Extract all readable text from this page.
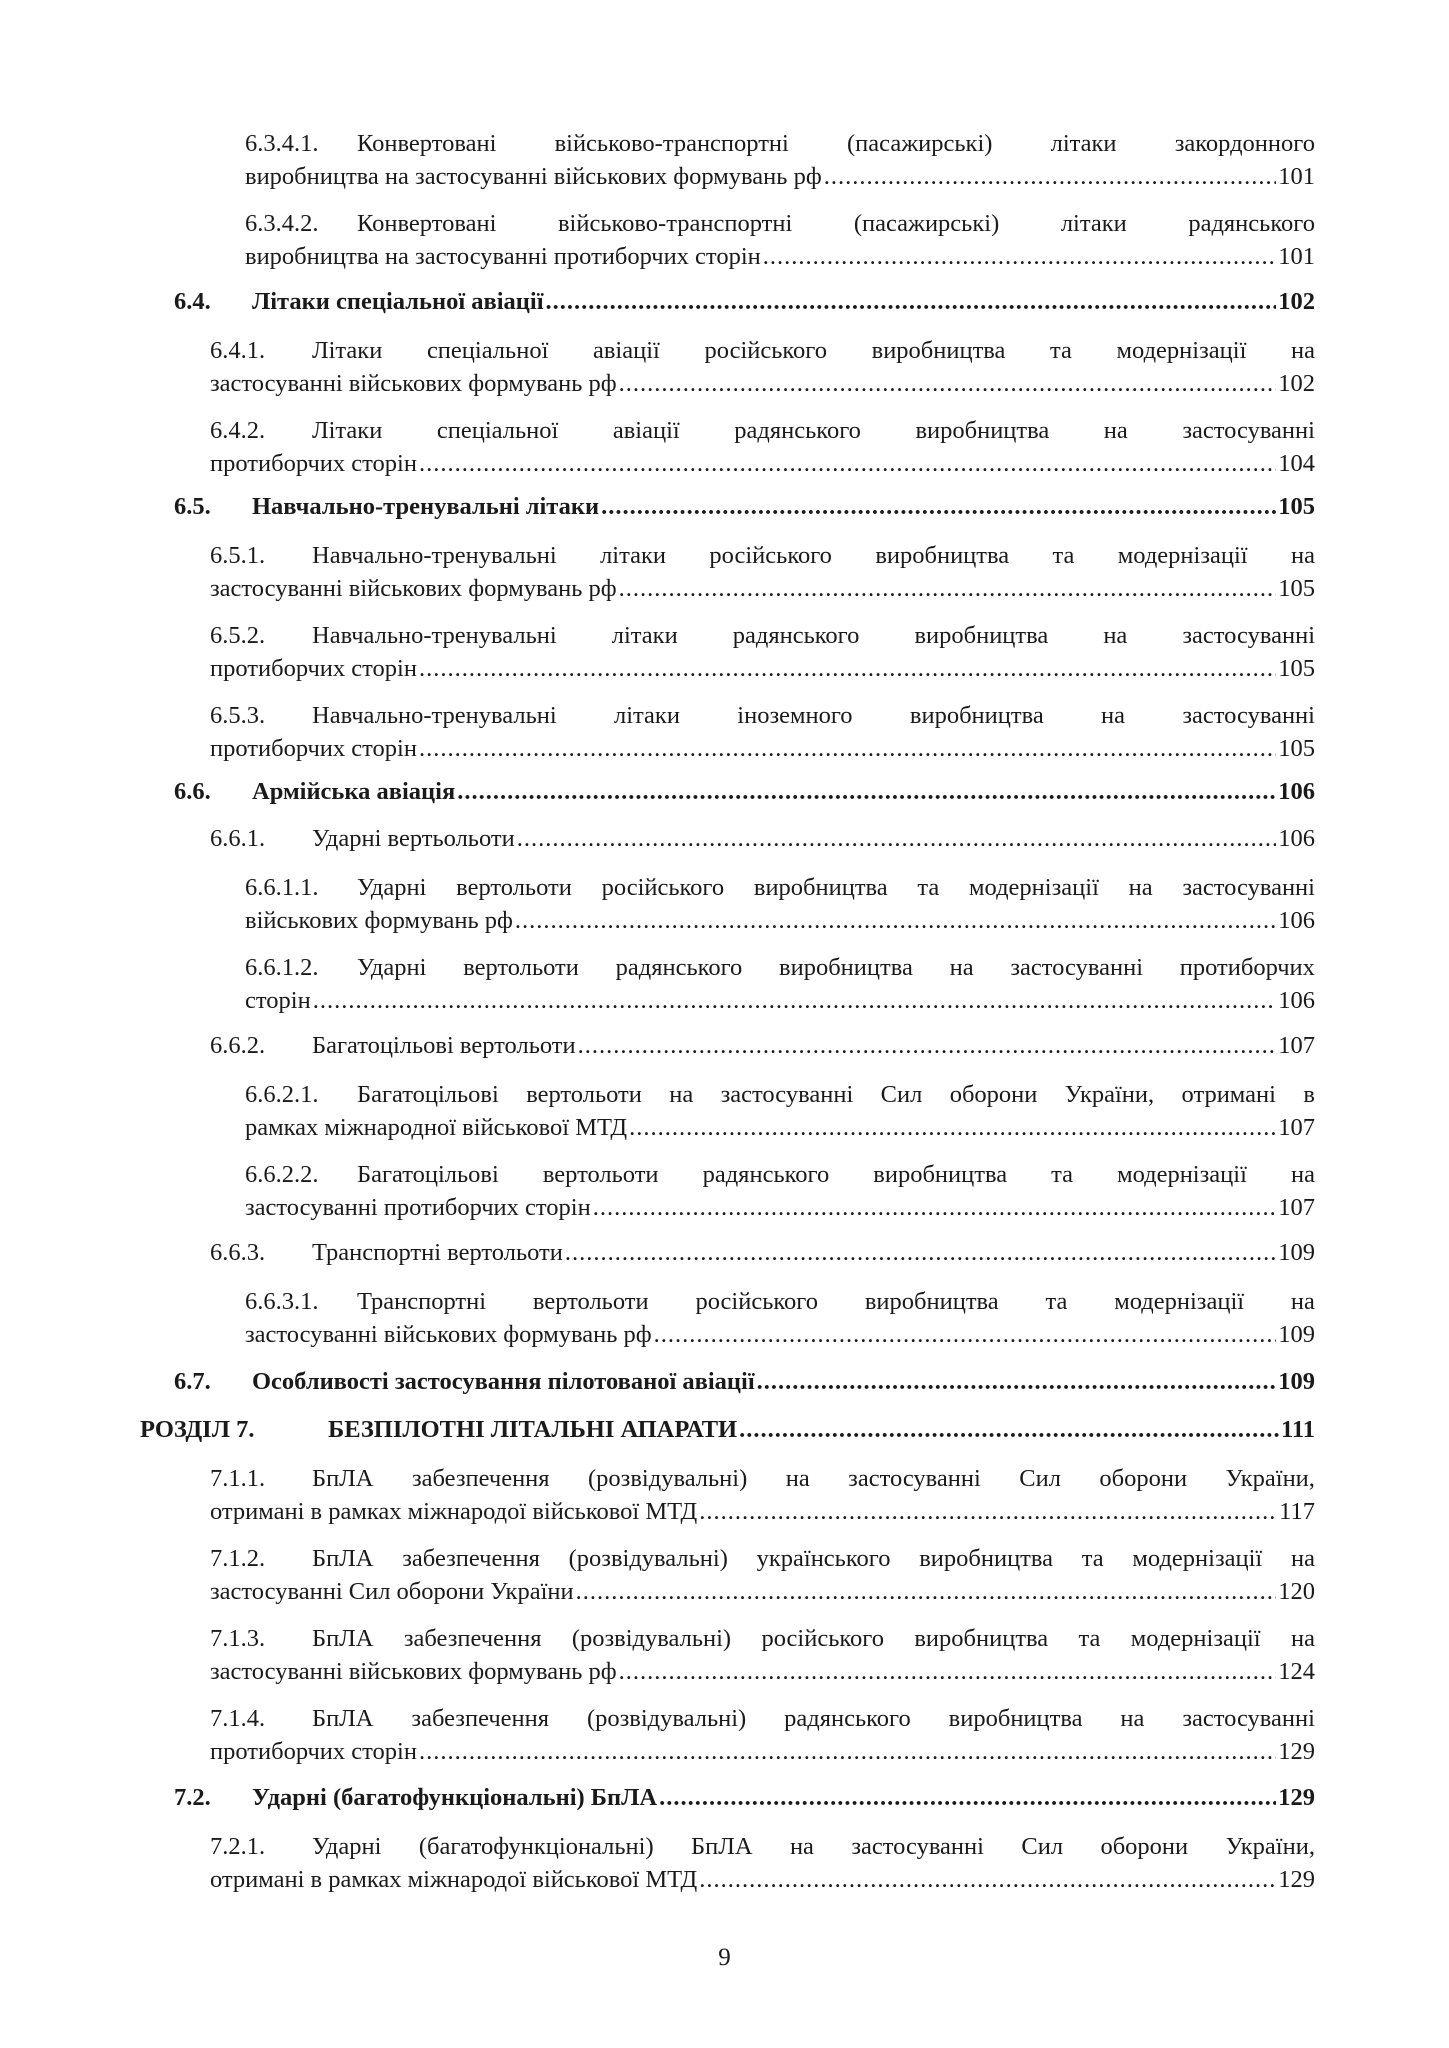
6.3.4.1.	Конвертовані військово-транспортні (пасажирські) літаки закордонного
виробництва на застосуванні військових формувань рф .....	101
6.3.4.2.	Конвертовані	військово-транспортні	(пасажирські)	літаки	радянського
виробництва на застосуванні протиборчих сторін .....	101
6.4.	Літаки спеціальної авіації .....	102
6.4.1.	Літаки спеціальної авіації російського виробництва та модернізації на
застосуванні військових формувань рф .....	102
6.4.2.	Літаки спеціальної авіації радянського виробництва на застосуванні
протиборчих сторін .....	104
6.5.	Навчально-тренувальні літаки .....	105
6.5.1.	Навчально-тренувальні літаки російського виробництва та модернізації на
застосуванні військових формувань рф .....	105
6.5.2.	Навчально-тренувальні літаки радянського виробництва на застосуванні
протиборчих сторін .....	105
6.5.3.	Навчально-тренувальні літаки іноземного виробництва на застосуванні
протиборчих сторін .....	105
6.6.	Армійська авіація .....	106
6.6.1.	Ударні вертьольоти .....	106
6.6.1.1.	Ударні вертольоти російського виробництва та модернізації на застосуванні
військових формувань рф .....	106
6.6.1.2.	Ударні вертольоти радянського виробництва на застосуванні протиборчих
сторін .....	106
6.6.2.	Багатоцільові вертольоти .....	107
6.6.2.1.	Багатоцільові вертольоти на застосуванні Сил оборони України, отримані в
рамках міжнародної військової МТД .....	107
6.6.2.2.	Багатоцільові вертольоти радянського виробництва та модернізації на
застосуванні протиборчих сторін .....	107
6.6.3.	Транспортні вертольоти .....	109
6.6.3.1.	Транспортні вертольоти російського виробництва та модернізації на
застосуванні військових формувань рф .....	109
6.7.	Особливості застосування пілотованої авіації .....	109
РОЗДІЛ 7.	БЕЗПІЛОТНІ ЛІТАЛЬНІ АПАРАТИ .....	111
7.1.1.	БпЛА забезпечення (розвідувальні) на застосуванні Сил оборони України,
отримані в рамках міжнародої військової МТД .....	117
7.1.2.	БпЛА забезпечення (розвідувальні) українського виробництва та модернізації на
застосуванні Сил оборони України .....	120
7.1.3.	БпЛА забезпечення (розвідувальні) російського виробництва та модернізації на
застосуванні військових формувань рф .....	124
7.1.4.	БпЛА забезпечення (розвідувальні) радянського виробництва на застосуванні
протиборчих сторін .....	129
7.2.	Ударні (багатофункціональні) БпЛА .....	129
7.2.1.	Ударні (багатофункціональні) БпЛА на застосуванні Сил оборони України,
отримані в рамках міжнародої військової МТД .....	129
9
